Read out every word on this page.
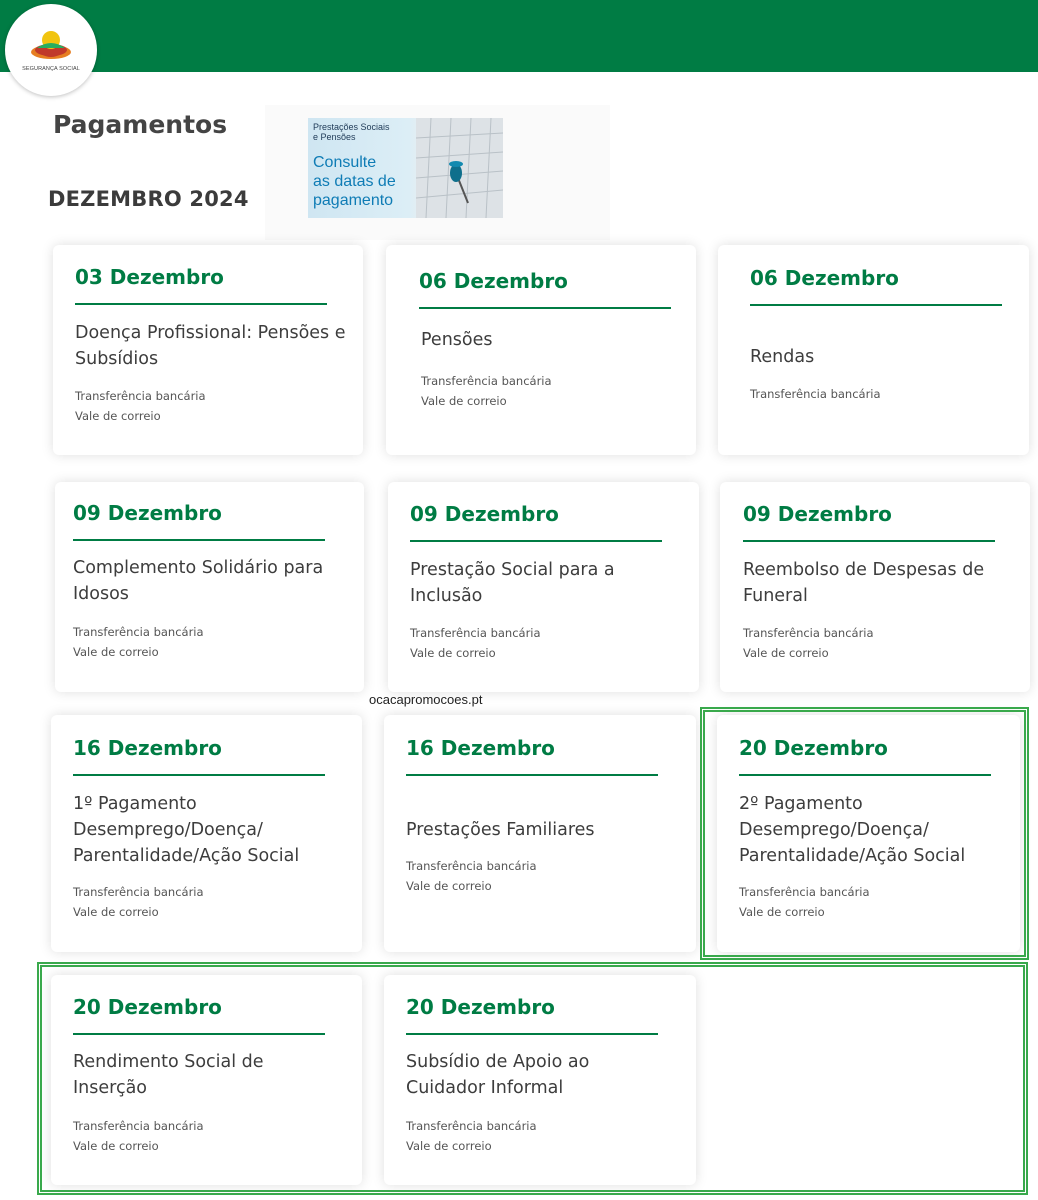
SEGURANÇA SOCIAL
Pagamentos
DEZEMBRO 2024
Prestações Sociais
e Pensões
Consulte
as datas de
pagamento
03 Dezembro
Doença Profissional: Pensões e Subsídios
Transferência bancária
Vale de correio
06 Dezembro
Pensões
Transferência bancária
Vale de correio
06 Dezembro
Rendas
Transferência bancária
09 Dezembro
Complemento Solidário para Idosos
Transferência bancária
Vale de correio
09 Dezembro
Prestação Social para a Inclusão
Transferência bancária
Vale de correio
09 Dezembro
Reembolso de Despesas de Funeral
Transferência bancária
Vale de correio
ocacapromocoes.pt
16 Dezembro
1º Pagamento Desemprego/Doença/ Parentalidade/Ação Social
Transferência bancária
Vale de correio
16 Dezembro
Prestações Familiares
Transferência bancária
Vale de correio
20 Dezembro
2º Pagamento Desemprego/Doença/ Parentalidade/Ação Social
Transferência bancária
Vale de correio
20 Dezembro
Rendimento Social de Inserção
Transferência bancária
Vale de correio
20 Dezembro
Subsídio de Apoio ao Cuidador Informal
Transferência bancária
Vale de correio
